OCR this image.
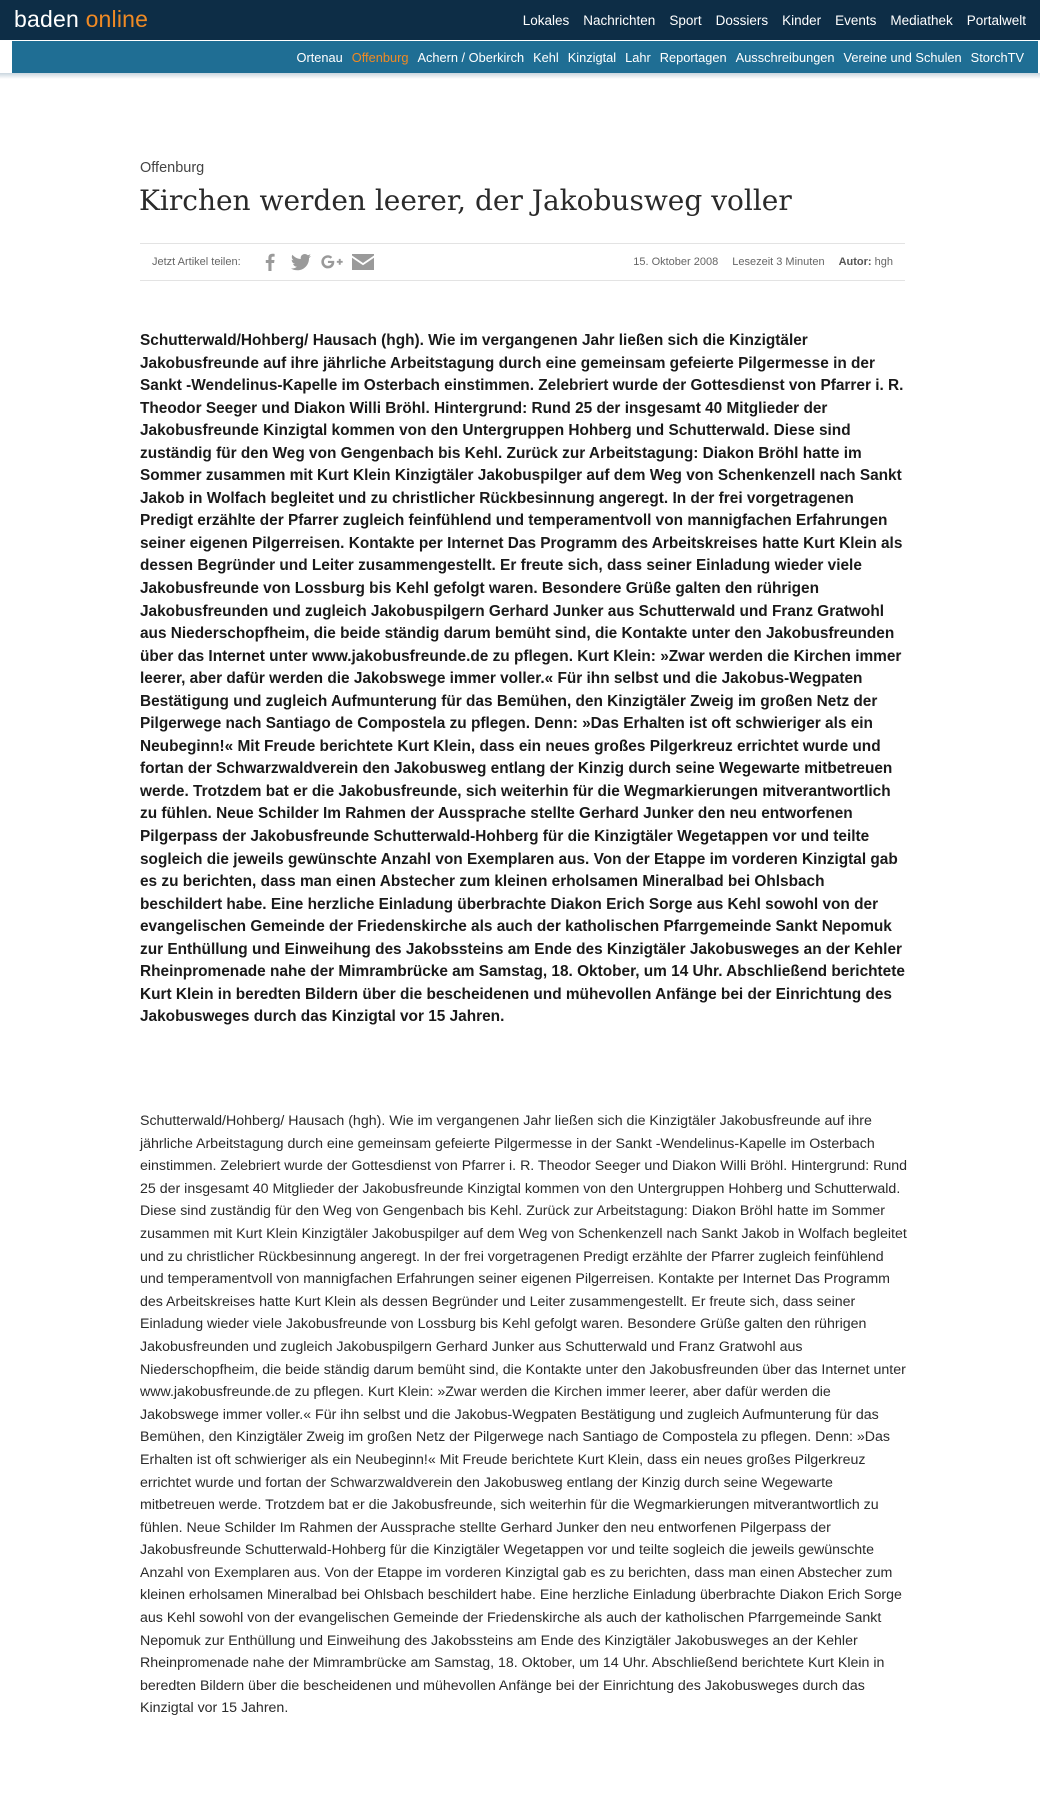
baden online	Lokales Nachrichten Sport Dossiers Kinder Events Mediathek Portalwelt
Ortenau Offenburg Achern / Oberkirch Kehl Kinzigtal Lahr Reportagen Ausschreibungen Vereine und Schulen StorchTV
Offenburg
Kirchen werden leerer, der Jakobusweg voller
Jetzt Artikel teilen:	15. Oktober 2008 Lesezeit 3 Minuten Autor: hgh

Schutterwald/Hohberg/ Hausach (hgh). Wie im vergangenen Jahr ließen sich die Kinzigtäler Jakobusfreunde auf ihre jährliche Arbeitstagung durch eine gemeinsam gefeierte Pilgermesse in der Sankt -Wendelinus-Kapelle im Osterbach einstimmen. Zelebriert wurde der Gottesdienst von Pfarrer i. R. Theodor Seeger und Diakon Willi Bröhl. Hintergrund: Rund 25 der insgesamt 40 Mitglieder der Jakobusfreunde Kinzigtal kommen von den Untergruppen Hohberg und Schutterwald. Diese sind zuständig für den Weg von Gengenbach bis Kehl. Zurück zur Arbeitstagung: Diakon Bröhl hatte im Sommer zusammen mit Kurt Klein Kinzigtäler Jakobuspilger auf dem Weg von Schenkenzell nach Sankt Jakob in Wolfach begleitet und zu christlicher Rückbesinnung angeregt. In der frei vorgetragenen Predigt erzählte der Pfarrer zugleich feinfühlend und temperamentvoll von mannigfachen Erfahrungen seiner eigenen Pilgerreisen. Kontakte per Internet Das Programm des Arbeitskreises hatte Kurt Klein als dessen Begründer und Leiter zusammengestellt. Er freute sich, dass seiner Einladung wieder viele Jakobusfreunde von Lossburg bis Kehl gefolgt waren. Besondere Grüße galten den rührigen Jakobusfreunden und zugleich Jakobuspilgern Gerhard Junker aus Schutterwald und Franz Gratwohl aus Niederschopfheim, die beide ständig darum bemüht sind, die Kontakte unter den Jakobusfreunden über das Internet unter www.jakobusfreunde.de zu pflegen. Kurt Klein: »Zwar werden die Kirchen immer leerer, aber dafür werden die Jakobswege immer voller.« Für ihn selbst und die Jakobus-Wegpaten Bestätigung und zugleich Aufmunterung für das Bemühen, den Kinzigtäler Zweig im großen Netz der Pilgerwege nach Santiago de Compostela zu pflegen. Denn: »Das Erhalten ist oft schwieriger als ein Neubeginn!« Mit Freude berichtete Kurt Klein, dass ein neues großes Pilgerkreuz errichtet wurde und fortan der Schwarzwaldverein den Jakobusweg entlang der Kinzig durch seine Wegewarte mitbetreuen werde. Trotzdem bat er die Jakobusfreunde, sich weiterhin für die Wegmarkierungen mitverantwortlich zu fühlen. Neue Schilder Im Rahmen der Aussprache stellte Gerhard Junker den neu entworfenen Pilgerpass der Jakobusfreunde Schutterwald-Hohberg für die Kinzigtäler Wegetappen vor und teilte sogleich die jeweils gewünschte Anzahl von Exemplaren aus. Von der Etappe im vorderen Kinzigtal gab es zu berichten, dass man einen Abstecher zum kleinen erholsamen Mineralbad bei Ohlsbach beschildert habe. Eine herzliche Einladung überbrachte Diakon Erich Sorge aus Kehl sowohl von der evangelischen Gemeinde der Friedenskirche als auch der katholischen Pfarrgemeinde Sankt Nepomuk zur Enthüllung und Einweihung des Jakobssteins am Ende des Kinzigtäler Jakobusweges an der Kehler Rheinpromenade nahe der Mimrambrücke am Samstag, 18. Oktober, um 14 Uhr. Abschließend berichtete Kurt Klein in beredten Bildern über die bescheidenen und mühevollen Anfänge bei der Einrichtung des Jakobusweges durch das Kinzigtal vor 15 Jahren.

Schutterwald/Hohberg/ Hausach (hgh). Wie im vergangenen Jahr ließen sich die Kinzigtäler Jakobusfreunde auf ihre jährliche Arbeitstagung durch eine gemeinsam gefeierte Pilgermesse in der Sankt -Wendelinus-Kapelle im Osterbach einstimmen. Zelebriert wurde der Gottesdienst von Pfarrer i. R. Theodor Seeger und Diakon Willi Bröhl. Hintergrund: Rund 25 der insgesamt 40 Mitglieder der Jakobusfreunde Kinzigtal kommen von den Untergruppen Hohberg und Schutterwald. Diese sind zuständig für den Weg von Gengenbach bis Kehl. Zurück zur Arbeitstagung: Diakon Bröhl hatte im Sommer zusammen mit Kurt Klein Kinzigtäler Jakobuspilger auf dem Weg von Schenkenzell nach Sankt Jakob in Wolfach begleitet und zu christlicher Rückbesinnung angeregt. In der frei vorgetragenen Predigt erzählte der Pfarrer zugleich feinfühlend und temperamentvoll von mannigfachen Erfahrungen seiner eigenen Pilgerreisen. Kontakte per Internet Das Programm des Arbeitskreises hatte Kurt Klein als dessen Begründer und Leiter zusammengestellt. Er freute sich, dass seiner Einladung wieder viele Jakobusfreunde von Lossburg bis Kehl gefolgt waren. Besondere Grüße galten den rührigen Jakobusfreunden und zugleich Jakobuspilgern Gerhard Junker aus Schutterwald und Franz Gratwohl aus Niederschopfheim, die beide ständig darum bemüht sind, die Kontakte unter den Jakobusfreunden über das Internet unter www.jakobusfreunde.de zu pflegen. Kurt Klein: »Zwar werden die Kirchen immer leerer, aber dafür werden die Jakobswege immer voller.« Für ihn selbst und die Jakobus-Wegpaten Bestätigung und zugleich Aufmunterung für das Bemühen, den Kinzigtäler Zweig im großen Netz der Pilgerwege nach Santiago de Compostela zu pflegen. Denn: »Das Erhalten ist oft schwieriger als ein Neubeginn!« Mit Freude berichtete Kurt Klein, dass ein neues großes Pilgerkreuz errichtet wurde und fortan der Schwarzwaldverein den Jakobusweg entlang der Kinzig durch seine Wegewarte mitbetreuen werde. Trotzdem bat er die Jakobusfreunde, sich weiterhin für die Wegmarkierungen mitverantwortlich zu fühlen. Neue Schilder Im Rahmen der Aussprache stellte Gerhard Junker den neu entworfenen Pilgerpass der Jakobusfreunde Schutterwald-Hohberg für die Kinzigtäler Wegetappen vor und teilte sogleich die jeweils gewünschte Anzahl von Exemplaren aus. Von der Etappe im vorderen Kinzigtal gab es zu berichten, dass man einen Abstecher zum kleinen erholsamen Mineralbad bei Ohlsbach beschildert habe. Eine herzliche Einladung überbrachte Diakon Erich Sorge aus Kehl sowohl von der evangelischen Gemeinde der Friedenskirche als auch der katholischen Pfarrgemeinde Sankt Nepomuk zur Enthüllung und Einweihung des Jakobssteins am Ende des Kinzigtäler Jakobusweges an der Kehler Rheinpromenade nahe der Mimrambrücke am Samstag, 18. Oktober, um 14 Uhr. Abschließend berichtete Kurt Klein in beredten Bildern über die bescheidenen und mühevollen Anfänge bei der Einrichtung des Jakobusweges durch das Kinzigtal vor 15 Jahren.
